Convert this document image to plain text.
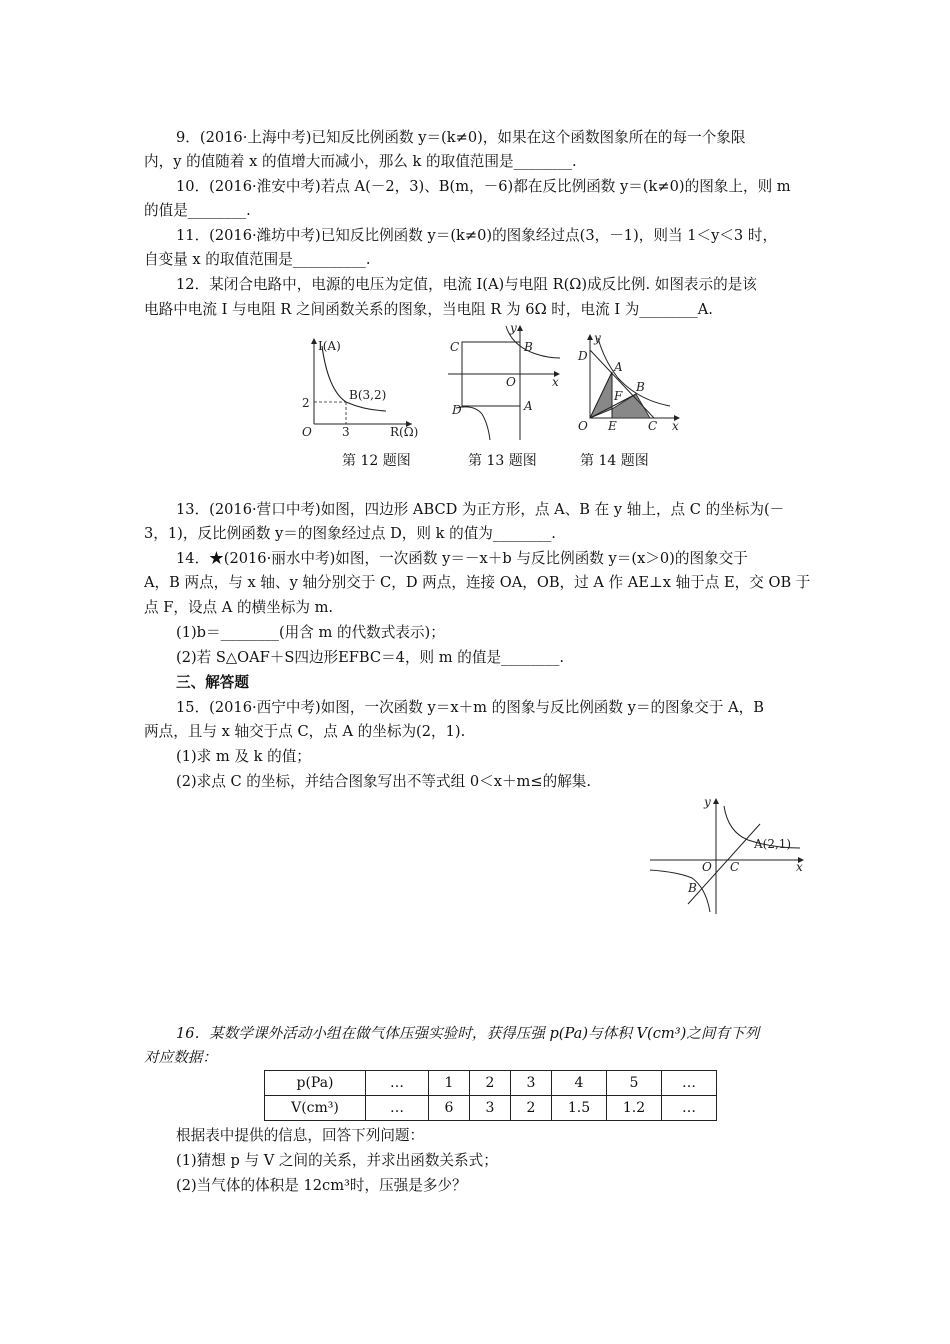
9．(2016·上海中考)已知反比例函数 y＝(k≠0)，如果在这个函数图象所在的每一个象限
内，y 的值随着 x 的值增大而减小，那么 k 的取值范围是________.
10．(2016·淮安中考)若点 A(－2，3)、B(m，－6)都在反比例函数 y＝(k≠0)的图象上，则 m
的值是________.
11．(2016·潍坊中考)已知反比例函数 y＝(k≠0)的图象经过点(3，－1)，则当 1＜y＜3 时，
自变量 x 的取值范围是__________.
12．某闭合电路中，电源的电压为定值，电流 I(A)与电阻 R(Ω)成反比例. 如图表示的是该
电路中电流 I 与电阻 R 之间函数关系的图象，当电阻 R 为 6Ω 时，电流 I 为________A.
I(A)
B(3,2)
2
3
O	R(Ω)
C	B
O
D	A
x
y
D
A
B
F
O E	C x
y
第 12 题图	第 13 题图	第 14 题图
13．(2016·营口中考)如图，四边形 ABCD 为正方形，点 A、B 在 y 轴上，点 C 的坐标为(－
3，1)，反比例函数 y＝的图象经过点 D，则 k 的值为________.
14．★(2016·丽水中考)如图，一次函数 y＝－x＋b 与反比例函数 y＝(x＞0)的图象交于
A，B 两点，与 x 轴、y 轴分别交于 C，D 两点，连接 OA，OB，过 A 作 AE⊥x 轴于点 E，交 OB 于
点 F，设点 A 的横坐标为 m.
(1)b＝________(用含 m 的代数式表示)；
(2)若 S△OAF＋S四边形EFBC＝4，则 m 的值是________.
三、解答题
15．(2016·西宁中考)如图，一次函数 y＝x＋m 的图象与反比例函数 y＝的图象交于 A，B
两点，且与 x 轴交于点 C，点 A 的坐标为(2，1).
(1)求 m 及 k 的值；
(2)求点 C 的坐标，并结合图象写出不等式组 0＜x＋m≤的解集.
A(2,1)
O C
B
x
y
16．某数学课外活动小组在做气体压强实验时，获得压强 p(Pa)与体积 V(cm³)之间有下列
对应数据：
p(Pa)	…	1	2	3	4	5	…
V(cm³)	…	6	3	2	1.5	1.2	…
根据表中提供的信息，回答下列问题：
(1)猜想 p 与 V 之间的关系，并求出函数关系式；
(2)当气体的体积是 12cm³时，压强是多少？
